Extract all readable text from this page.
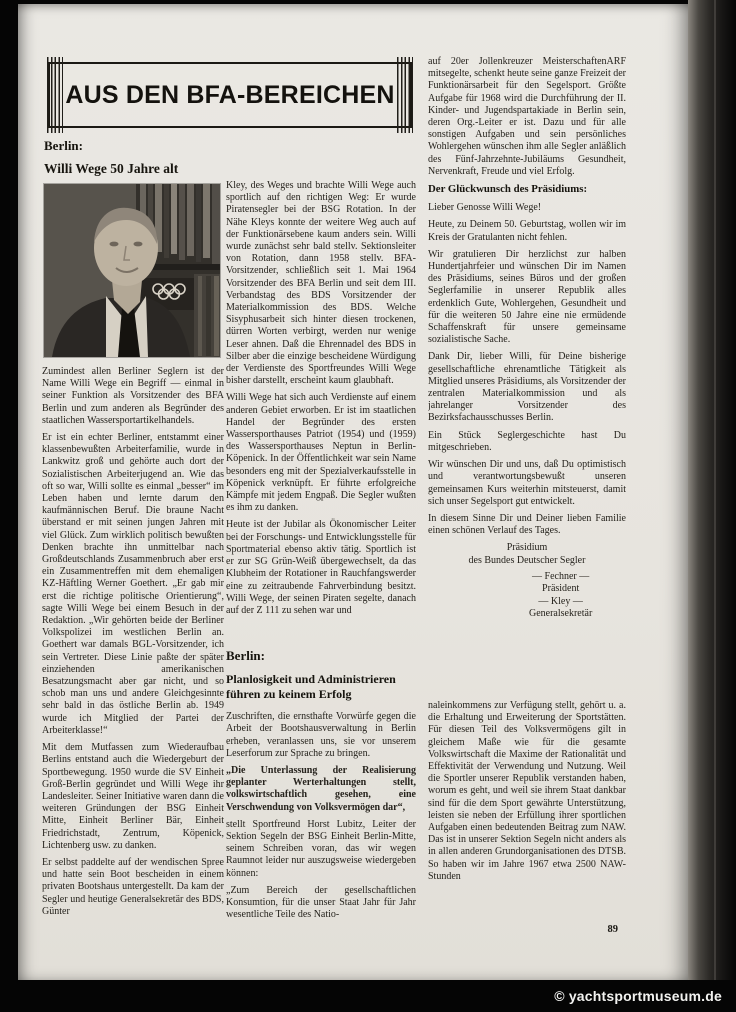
AUS DEN BFA-BEREICHEN
Berlin:
Willi Wege 50 Jahre alt

Zumindest allen Berliner Seglern ist der Name Willi Wege ein Begriff — einmal in seiner Funktion als Vorsitzender des BFA Berlin und zum anderen als Begründer des staatlichen Wassersportartikelhandels.

Er ist ein echter Berliner, entstammt einer klassenbewußten Arbeiterfamilie, wurde in Lankwitz groß und gehörte auch dort der Sozialistischen Arbeiterjugend an. Wie das oft so war, Willi sollte es einmal „besser“ im Leben haben und lernte darum den kaufmännischen Beruf. Die braune Nacht überstand er mit seinen jungen Jahren mit viel Glück. Zum wirklich politisch bewußten Denken brachte ihn unmittelbar nach Großdeutschlands Zusammenbruch aber erst ein Zusammentreffen mit dem ehemaligen KZ-Häftling Werner Goethert. „Er gab mir erst die richtige politische Orientierung“, sagte Willi Wege bei einem Besuch in der Redaktion. „Wir gehörten beide der Berliner Volkspolizei im westlichen Berlin an. Goethert war damals BGL-Vorsitzender, ich sein Vertreter. Diese Linie paßte der später einziehenden amerikanischen Besatzungsmacht aber gar nicht, und so schob man uns und andere Gleichgesinnte sehr bald in das östliche Berlin ab. 1949 wurde ich Mitglied der Partei der Arbeiterklasse!“

Mit dem Mutfassen zum Wiederaufbau Berlins entstand auch die Wiedergeburt der Sportbewegung. 1950 wurde die SV Einheit Groß-Berlin gegründet und Willi Wege ihr Landesleiter. Seiner Initiative waren dann die weiteren Gründungen der BSG Einheit Mitte, Einheit Berliner Bär, Einheit Friedrichstadt, Zentrum, Köpenick, Lichtenberg usw. zu danken.

Er selbst paddelte auf der wendischen Spree und hatte sein Boot bescheiden in einem privaten Bootshaus untergestellt. Da kam der Segler und heutige Generalsekretär des BDS, Günter

Kley, des Weges und brachte Willi Wege auch sportlich auf den richtigen Weg: Er wurde Piratensegler bei der BSG Rotation. In der Nähe Kleys konnte der weitere Weg auch auf der Funktionärsebene kaum anders sein. Willi wurde zunächst sehr bald stellv. Sektionsleiter von Rotation, dann 1958 stellv. BFA-Vorsitzender, schließlich seit 1. Mai 1964 Vorsitzender des BFA Berlin und seit dem III. Verbandstag des BDS Vorsitzender der Materialkommission des BDS. Welche Sisyphusarbeit sich hinter diesen trockenen, dürren Worten verbirgt, werden nur wenige Leser ahnen. Daß die Ehrennadel des BDS in Silber aber die einzige bescheidene Würdigung der Verdienste des Sportfreundes Willi Wege bisher darstellt, erscheint kaum glaubhaft.

Willi Wege hat sich auch Verdienste auf einem anderen Gebiet erworben. Er ist im staatlichen Handel der Begründer des ersten Wassersporthauses Patriot (1954) und (1959) des Wassersporthauses Neptun in Berlin-Köpenick. In der Öffentlichkeit war sein Name besonders eng mit der Spezialverkaufsstelle in Köpenick verknüpft. Er führte erfolgreiche Kämpfe mit jedem Engpaß. Die Segler wußten es ihm zu danken.

Heute ist der Jubilar als Ökonomischer Leiter bei der Forschungs- und Entwicklungsstelle für Sportmaterial ebenso aktiv tätig. Sportlich ist er zur SG Grün-Weiß übergewechselt, da das Klubheim der Rotationer in Rauchfangswerder eine zu zeitraubende Fahrverbindung besitzt. Willi Wege, der seinen Piraten segelte, danach auf der Z 111 zu sehen war und

Berlin:
Planlosigkeit und Administrieren führen zu keinem Erfolg

Zuschriften, die ernsthafte Vorwürfe gegen die Arbeit der Bootshausverwaltung in Berlin erheben, veranlassen uns, sie vor unserem Leserforum zur Sprache zu bringen.

„Die Unterlassung der Realisierung geplanter Werterhaltungen stellt, volkswirtschaftlich gesehen, eine Verschwendung von Volksvermögen dar“,

stellt Sportfreund Horst Lubitz, Leiter der Sektion Segeln der BSG Einheit Berlin-Mitte, seinem Schreiben voran, das wir wegen Raumnot leider nur auszugsweise wiedergeben können:

„Zum Bereich der gesellschaftlichen Konsumtion, für die unser Staat Jahr für Jahr wesentliche Teile des Natio-

ARF
auf 20er Jollenkreuzer Meisterschaften mitsegelte, schenkt heute seine ganze Freizeit der Funktionärsarbeit für den Segelsport. Größte Aufgabe für 1968 wird die Durchführung der II. Kinder- und Jugendspartakiade in Berlin sein, deren Org.-Leiter er ist. Dazu und für alle sonstigen Aufgaben und sein persönliches Wohlergehen wünschen ihm alle Segler anläßlich des Fünf-Jahrzehnte-Jubiläums Gesundheit, Nervenkraft, Freude und viel Erfolg.

Der Glückwunsch des Präsidiums:

Lieber Genosse Willi Wege!

Heute, zu Deinem 50. Geburtstag, wollen wir im Kreis der Gratulanten nicht fehlen.

Wir gratulieren Dir herzlichst zur halben Hundertjahrfeier und wünschen Dir im Namen des Präsidiums, seines Büros und der großen Seglerfamilie in unserer Republik alles erdenklich Gute, Wohlergehen, Gesundheit und für die weiteren 50 Jahre eine nie ermüdende Schaffenskraft für unsere gemeinsame sozialistische Sache.

Dank Dir, lieber Willi, für Deine bisherige gesellschaftliche ehrenamtliche Tätigkeit als Mitglied unseres Präsidiums, als Vorsitzender der zentralen Materialkommission und als jahrelanger Vorsitzender des Bezirksfachausschusses Berlin.

Ein Stück Seglergeschichte hast Du mitgeschrieben.

Wir wünschen Dir und uns, daß Du optimistisch und verantwortungsbewußt unseren gemeinsamen Kurs weiterhin mitsteuerst, damit sich unser Segelsport gut entwickelt.

In diesem Sinne Dir und Deiner lieben Familie einen schönen Verlauf des Tages.

Präsidium
des Bundes Deutscher Segler
— Fechner —
Präsident
— Kley —
Generalsekretär

naleinkommens zur Verfügung stellt, gehört u. a. die Erhaltung und Erweiterung der Sportstätten. Für diesen Teil des Volksvermögens gilt in gleichem Maße wie für die gesamte Volkswirtschaft die Maxime der Rationalität und Effektivität der Verwendung und Nutzung. Weil die Sportler unserer Republik verstanden haben, worum es geht, und weil sie ihrem Staat dankbar sind für die dem Sport gewährte Unterstützung, leisten sie neben der Erfüllung ihrer sportlichen Aufgaben einen bedeutenden Beitrag zum NAW. Das ist in unserer Sektion Segeln nicht anders als in allen anderen Grundorganisationen des DTSB. So haben wir im Jahre 1967 etwa 2500 NAW-Stunden

89
© yachtsportmuseum.de
